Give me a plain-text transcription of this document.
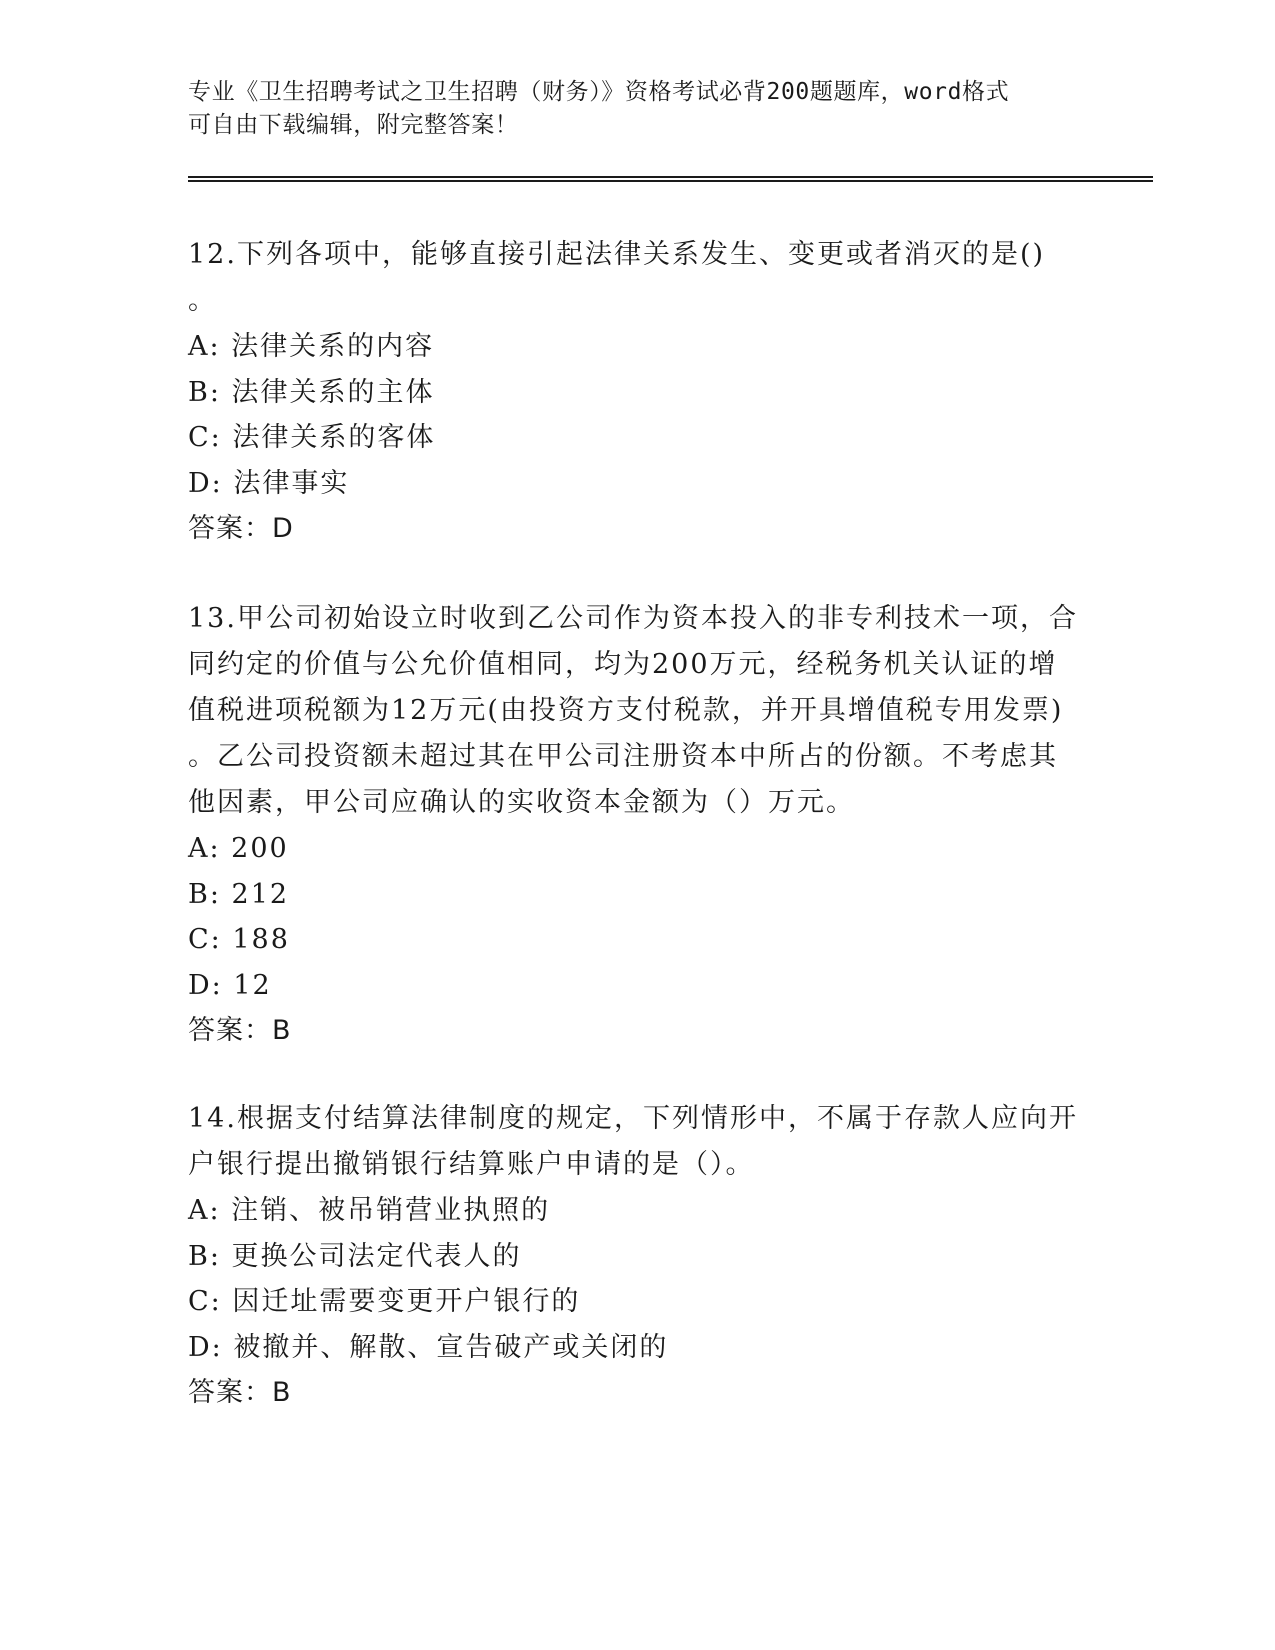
专业《卫生招聘考试之卫生招聘（财务）》资格考试必背200题题库，word格式
可自由下载编辑，附完整答案！

12.下列各项中，能够直接引起法律关系发生、变更或者消灭的是()
。

A: 法律关系的内容

B: 法律关系的主体

C: 法律关系的客体

D: 法律事实

答案：D

13.甲公司初始设立时收到乙公司作为资本投入的非专利技术一项，合
同约定的价值与公允价值相同，均为200万元，经税务机关认证的增
值税进项税额为12万元(由投资方支付税款，并开具增值税专用发票)
。乙公司投资额未超过其在甲公司注册资本中所占的份额。不考虑其
他因素，甲公司应确认的实收资本金额为（）万元。

A: 200

B: 212

C: 188

D: 12

答案：B

14.根据支付结算法律制度的规定，下列情形中，不属于存款人应向开
户银行提出撤销银行结算账户申请的是（）。

A: 注销、被吊销营业执照的

B: 更换公司法定代表人的

C: 因迁址需要变更开户银行的

D: 被撤并、解散、宣告破产或关闭的

答案：B
